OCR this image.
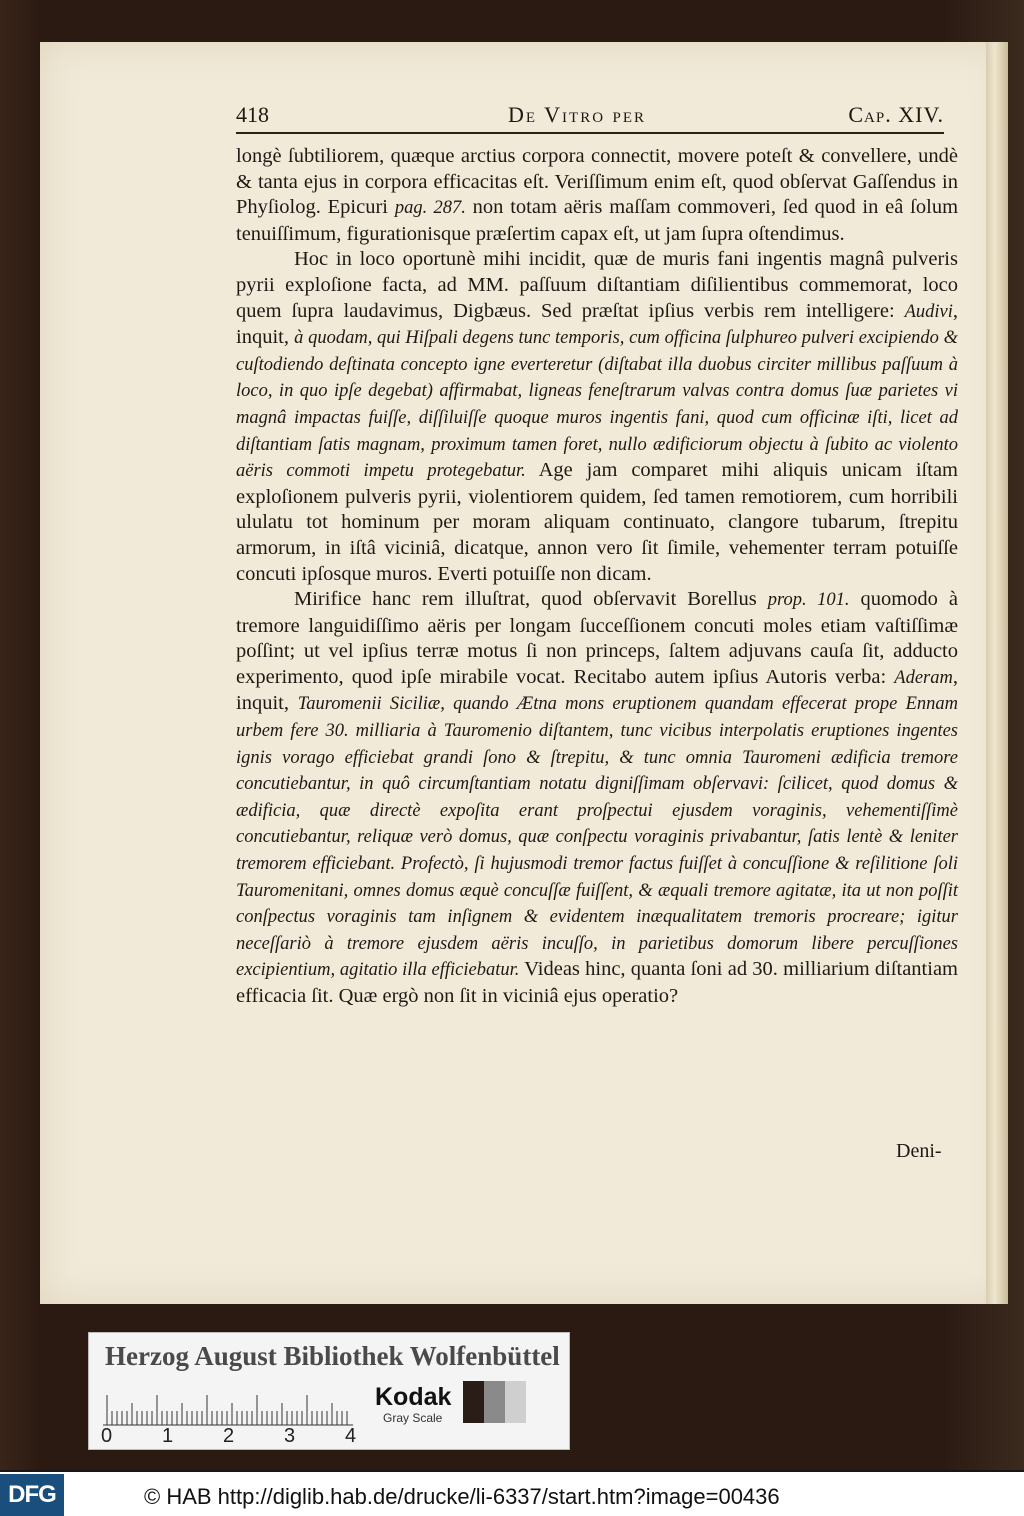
418	De Vitro per	Cap. XIV.

longè ſubtiliorem, quæque arctius corpora connectit, movere poteſt & convellere, undè & tanta ejus in corpora efficacitas eſt. Veriſſimum enim eſt, quod obſervat Gaſſendus in Phyſiolog. Epicuri pag. 287. non totam aëris maſſam commoveri, ſed quod in eâ ſolum tenuiſſimum, figurationisque præſertim capax eſt, ut jam ſupra oſtendimus.

Hoc in loco oportunè mihi incidit, quæ de muris fani ingentis magnâ pulveris pyrii exploſione facta, ad MM. paſſuum diſtantiam diſilientibus commemorat, loco quem ſupra laudavimus, Digbæus. Sed præſtat ipſius verbis rem intelligere: Audivi, inquit, à quodam, qui Hiſpali degens tunc temporis, cum officina ſulphureo pulveri excipiendo & cuſtodiendo deſtinata concepto igne everteretur (diſtabat illa duobus circiter millibus paſſuum à loco, in quo ipſe degebat) affirmabat, ligneas feneſtrarum valvas contra domus ſuæ parietes vi magnâ impactas fuiſſe, diſſiluiſſe quoque muros ingentis fani, quod cum officinæ iſti, licet ad diſtantiam ſatis magnam, proximum tamen foret, nullo ædificiorum objectu à ſubito ac violento aëris commoti impetu protegebatur. Age jam comparet mihi aliquis unicam iſtam exploſionem pulveris pyrii, violentiorem quidem, ſed tamen remotiorem, cum horribili ululatu tot hominum per moram aliquam continuato, clangore tubarum, ſtrepitu armorum, in iſtâ viciniâ, dicatque, annon vero ſit ſimile, vehementer terram potuiſſe concuti ipſosque muros. Everti potuiſſe non dicam.

Mirifice hanc rem illuſtrat, quod obſervavit Borellus prop. 101. quomodo à tremore languidiſſimo aëris per longam ſucceſſionem concuti moles etiam vaſtiſſimæ poſſint; ut vel ipſius terræ motus ſi non princeps, ſaltem adjuvans cauſa ſit, adducto experimento, quod ipſe mirabile vocat. Recitabo autem ipſius Autoris verba: Aderam, inquit, Tauromenii Siciliæ, quando Ætna mons eruptionem quandam effecerat prope Ennam urbem fere 30. milliaria à Tauromenio diſtantem, tunc vicibus interpolatis eruptiones ingentes ignis vorago efficiebat grandi ſono & ſtrepitu, & tunc omnia Tauromeni ædificia tremore concutiebantur, in quô circumſtantiam notatu digniſſimam obſervavi: ſcilicet, quod domus & ædificia, quæ directè expoſita erant proſpectui ejusdem voraginis, vehementiſſimè concutiebantur, reliquæ verò domus, quæ conſpectu voraginis privabantur, ſatis lentè & leniter tremorem efficiebant. Profectò, ſi hujusmodi tremor factus fuiſſet à concuſſione & reſilitione ſoli Tauromenitani, omnes domus æquè concuſſæ fuiſſent, & æquali tremore agitatæ, ita ut non poſſit conſpectus voraginis tam inſignem & evidentem inæqualitatem tremoris procreare; igitur neceſſariò à tremore ejusdem aëris incuſſo, in parietibus domorum libere percuſſiones excipientium, agitatio illa efficiebatur. Videas hinc, quanta ſoni ad 30. milliarium diſtantiam efficacia ſit. Quæ ergò non ſit in viciniâ ejus operatio?

Deni-
Herzog August Bibliothek Wolfenbüttel
0 1 2 3 4
Kodak
Gray Scale
DFG	© HAB http://diglib.hab.de/drucke/li-6337/start.htm?image=00436
